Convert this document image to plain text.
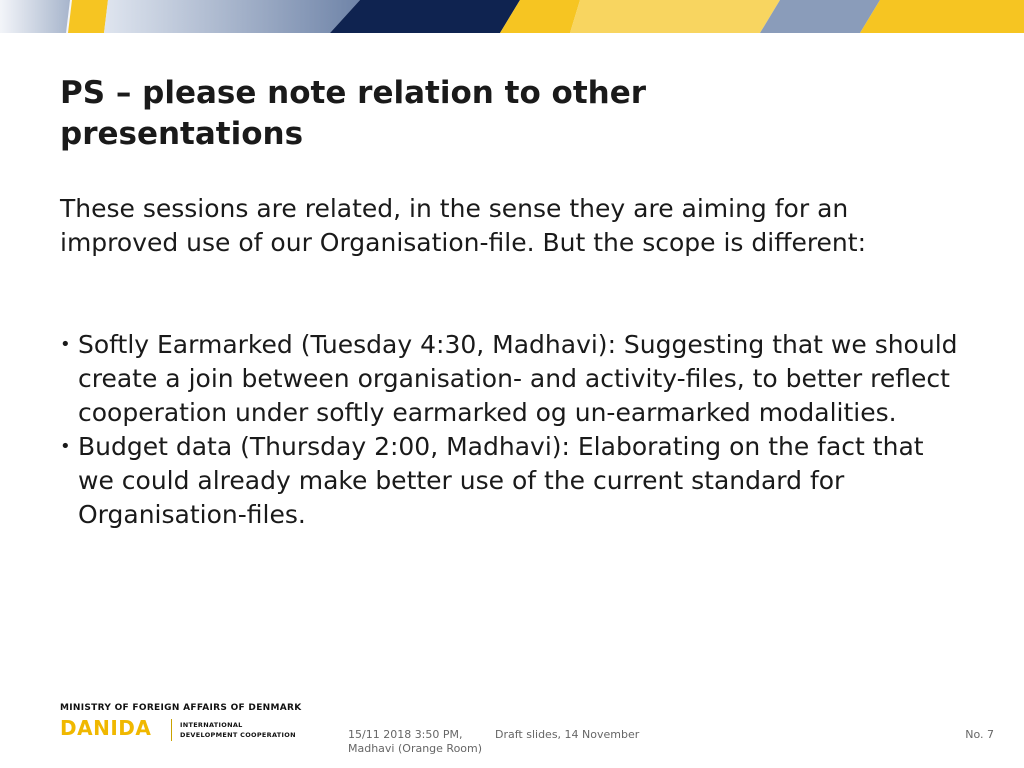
PS – please note relation to other presentations

These sessions are related, in the sense they are aiming for an improved use of our Organisation-file. But the scope is different:

• Softly Earmarked (Tuesday 4:30, Madhavi): Suggesting that we should create a join between organisation- and activity-files, to better reflect cooperation under softly earmarked og un-earmarked modalities.
• Budget data (Thursday 2:00, Madhavi): Elaborating on the fact that we could already make better use of the current standard for Organisation-files.
MINISTRY OF FOREIGN AFFAIRS OF DENMARK
DANIDA	INTERNATIONAL
DEVELOPMENT COOPERATION	15/11 2018 3:50 PM,
Madhavi (Orange Room)
Draft slides, 14 November	No. 7
